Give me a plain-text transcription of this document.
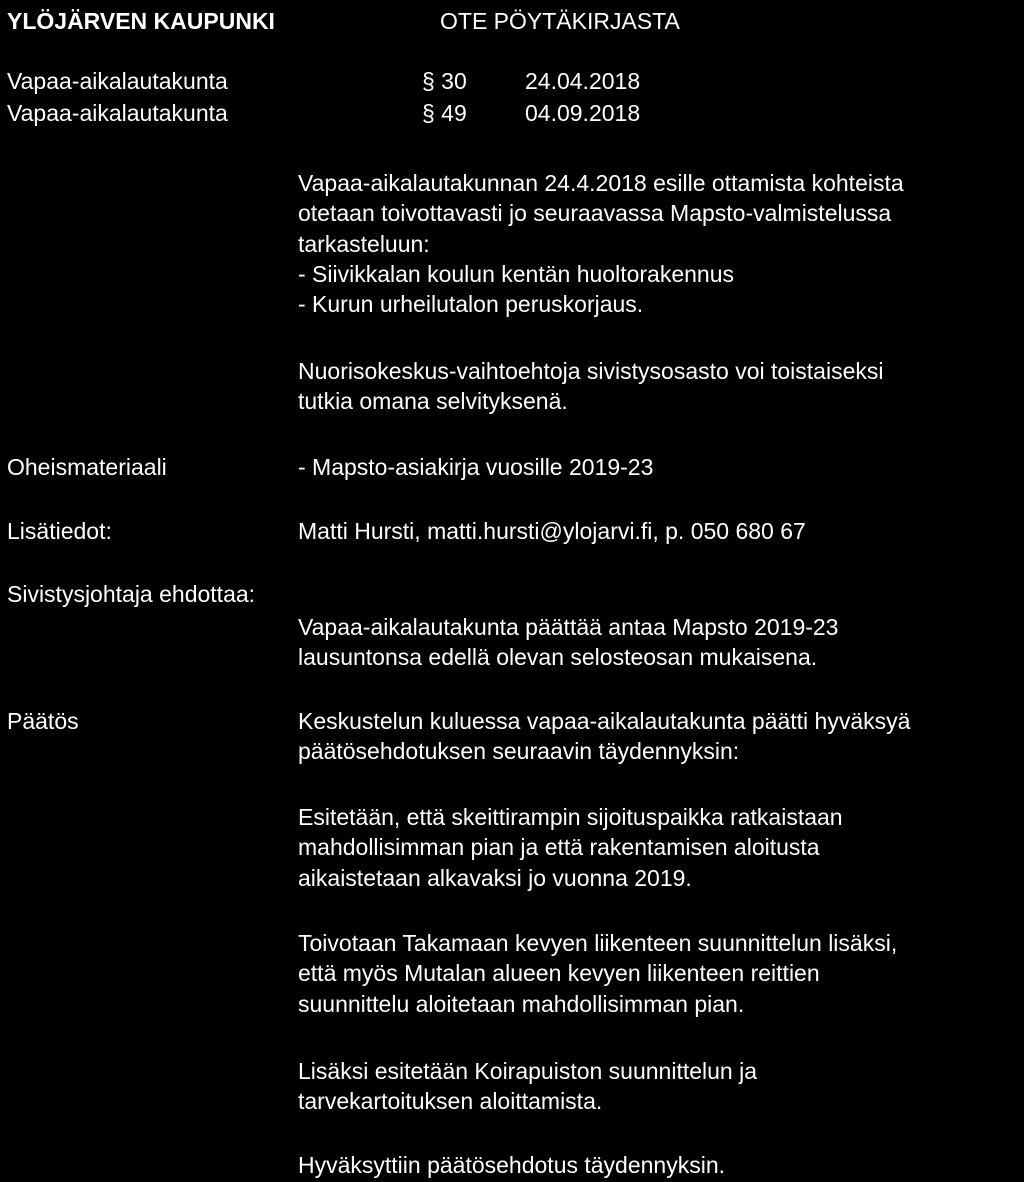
YLÖJÄRVEN KAUPUNKI	OTE PÖYTÄKIRJASTA
Vapaa-aikalautakunta	§ 30	24.04.2018
Vapaa-aikalautakunta	§ 49	04.09.2018
Vapaa-aikalautakunnan 24.4.2018 esille ottamista kohteista
otetaan toivottavasti jo seuraavassa Mapsto-valmistelussa
tarkasteluun:
- Siivikkalan koulun kentän huoltorakennus
- Kurun urheilutalon peruskorjaus.
Nuorisokeskus-vaihtoehtoja sivistysosasto voi toistaiseksi
tutkia omana selvityksenä.
Oheismateriaali	- Mapsto-asiakirja vuosille 2019-23
Lisätiedot:	Matti Hursti, matti.hursti@ylojarvi.fi, p. 050 680 67
Sivistysjohtaja ehdottaa:
Vapaa-aikalautakunta päättää antaa Mapsto 2019-23
lausuntonsa edellä olevan selosteosan mukaisena.
Päätös	Keskustelun kuluessa vapaa-aikalautakunta päätti hyväksyä
päätösehdotuksen seuraavin täydennyksin:
Esitetään, että skeittirampin sijoituspaikka ratkaistaan
mahdollisimman pian ja että rakentamisen aloitusta
aikaistetaan alkavaksi jo vuonna 2019.
Toivotaan Takamaan kevyen liikenteen suunnittelun lisäksi,
että myös Mutalan alueen kevyen liikenteen reittien
suunnittelu aloitetaan mahdollisimman pian.
Lisäksi esitetään Koirapuiston suunnittelun ja
tarvekartoituksen aloittamista.
Hyväksyttiin päätösehdotus täydennyksin.
